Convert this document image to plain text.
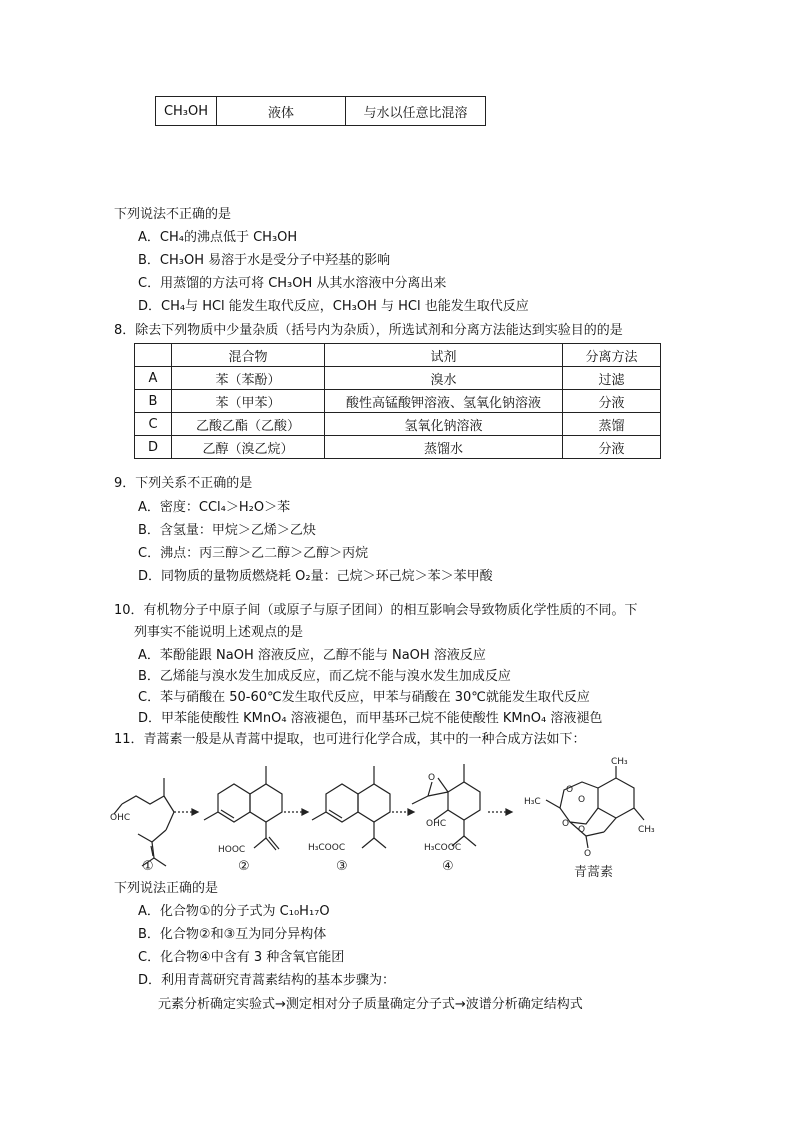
CH₃OH	液体	与水以任意比混溶
下列说法不正确的是
A．CH₄的沸点低于 CH₃OH
B．CH₃OH 易溶于水是受分子中羟基的影响
C．用蒸馏的方法可将 CH₃OH 从其水溶液中分离出来
D．CH₄与 HCl 能发生取代反应，CH₃OH 与 HCl 也能发生取代反应
8．除去下列物质中少量杂质（括号内为杂质），所选试剂和分离方法能达到实验目的的是
	混合物	试剂	分离方法
A	苯（苯酚）	溴水	过滤
B	苯（甲苯）	酸性高锰酸钾溶液、氢氧化钠溶液	分液
C	乙酸乙酯（乙酸）	氢氧化钠溶液	蒸馏
D	乙醇（溴乙烷）	蒸馏水	分液
9．下列关系不正确的是
A．密度：CCl₄＞H₂O＞苯
B．含氢量：甲烷＞乙烯＞乙炔
C．沸点：丙三醇＞乙二醇＞乙醇＞丙烷
D．同物质的量物质燃烧耗 O₂量：己烷＞环己烷＞苯＞苯甲酸
10．有机物分子中原子间（或原子与原子团间）的相互影响会导致物质化学性质的不同。下
列事实不能说明上述观点的是
A．苯酚能跟 NaOH 溶液反应，乙醇不能与 NaOH 溶液反应
B．乙烯能与溴水发生加成反应，而乙烷不能与溴水发生加成反应
C．苯与硝酸在 50-60℃发生取代反应，甲苯与硝酸在 30℃就能发生取代反应
D．甲苯能使酸性 KMnO₄ 溶液褪色，而甲基环己烷不能使酸性 KMnO₄ 溶液褪色
11．青蒿素一般是从青蒿中提取，也可进行化学合成，其中的一种合成方法如下：
OHC
HOOC	H₃COOC
O
OHC
H₃COOC
CH₃
H₃C
O
O
O
O	CH₃
O
①	②	③	④	青蒿素
下列说法正确的是
A．化合物①的分子式为 C₁₀H₁₇O
B．化合物②和③互为同分异构体
C．化合物④中含有 3 种含氧官能团
D．利用青蒿研究青蒿素结构的基本步骤为：
元素分析确定实验式→测定相对分子质量确定分子式→波谱分析确定结构式
